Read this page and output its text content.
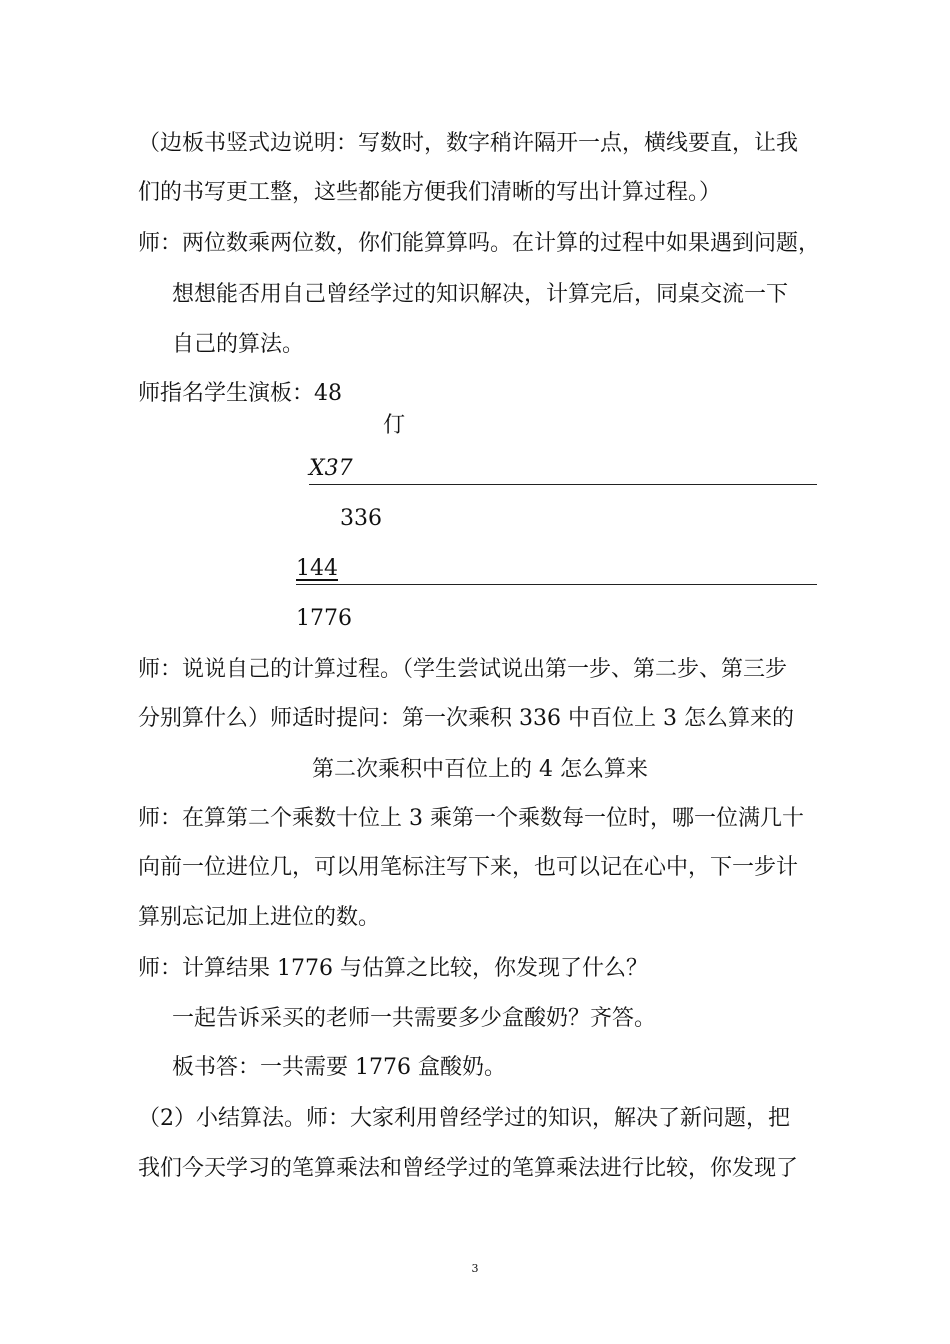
（边板书竖式边说明：写数时，数字稍许隔开一点，横线要直，让我
们的书写更工整，这些都能方便我们清晰的写出计算过程。）
师：两位数乘两位数，你们能算算吗。在计算的过程中如果遇到问题，
想想能否用自己曾经学过的知识解决，计算完后，同桌交流一下
自己的算法。
师指名学生演板：48
仃
X37
336
144
1776
师：说说自己的计算过程。（学生尝试说出第一步、第二步、第三步
分别算什么）师适时提问：第一次乘积 336 中百位上 3 怎么算来的
第二次乘积中百位上的 4 怎么算来
师：在算第二个乘数十位上 3 乘第一个乘数每一位时，哪一位满几十
向前一位进位几，可以用笔标注写下来，也可以记在心中，下一步计
算别忘记加上进位的数。
师：计算结果 1776 与估算之比较，你发现了什么？
一起告诉采买的老师一共需要多少盒酸奶？齐答。
板书答：一共需要 1776 盒酸奶。
（2）小结算法。师：大家利用曾经学过的知识，解决了新问题，把
我们今天学习的笔算乘法和曾经学过的笔算乘法进行比较，你发现了
3
